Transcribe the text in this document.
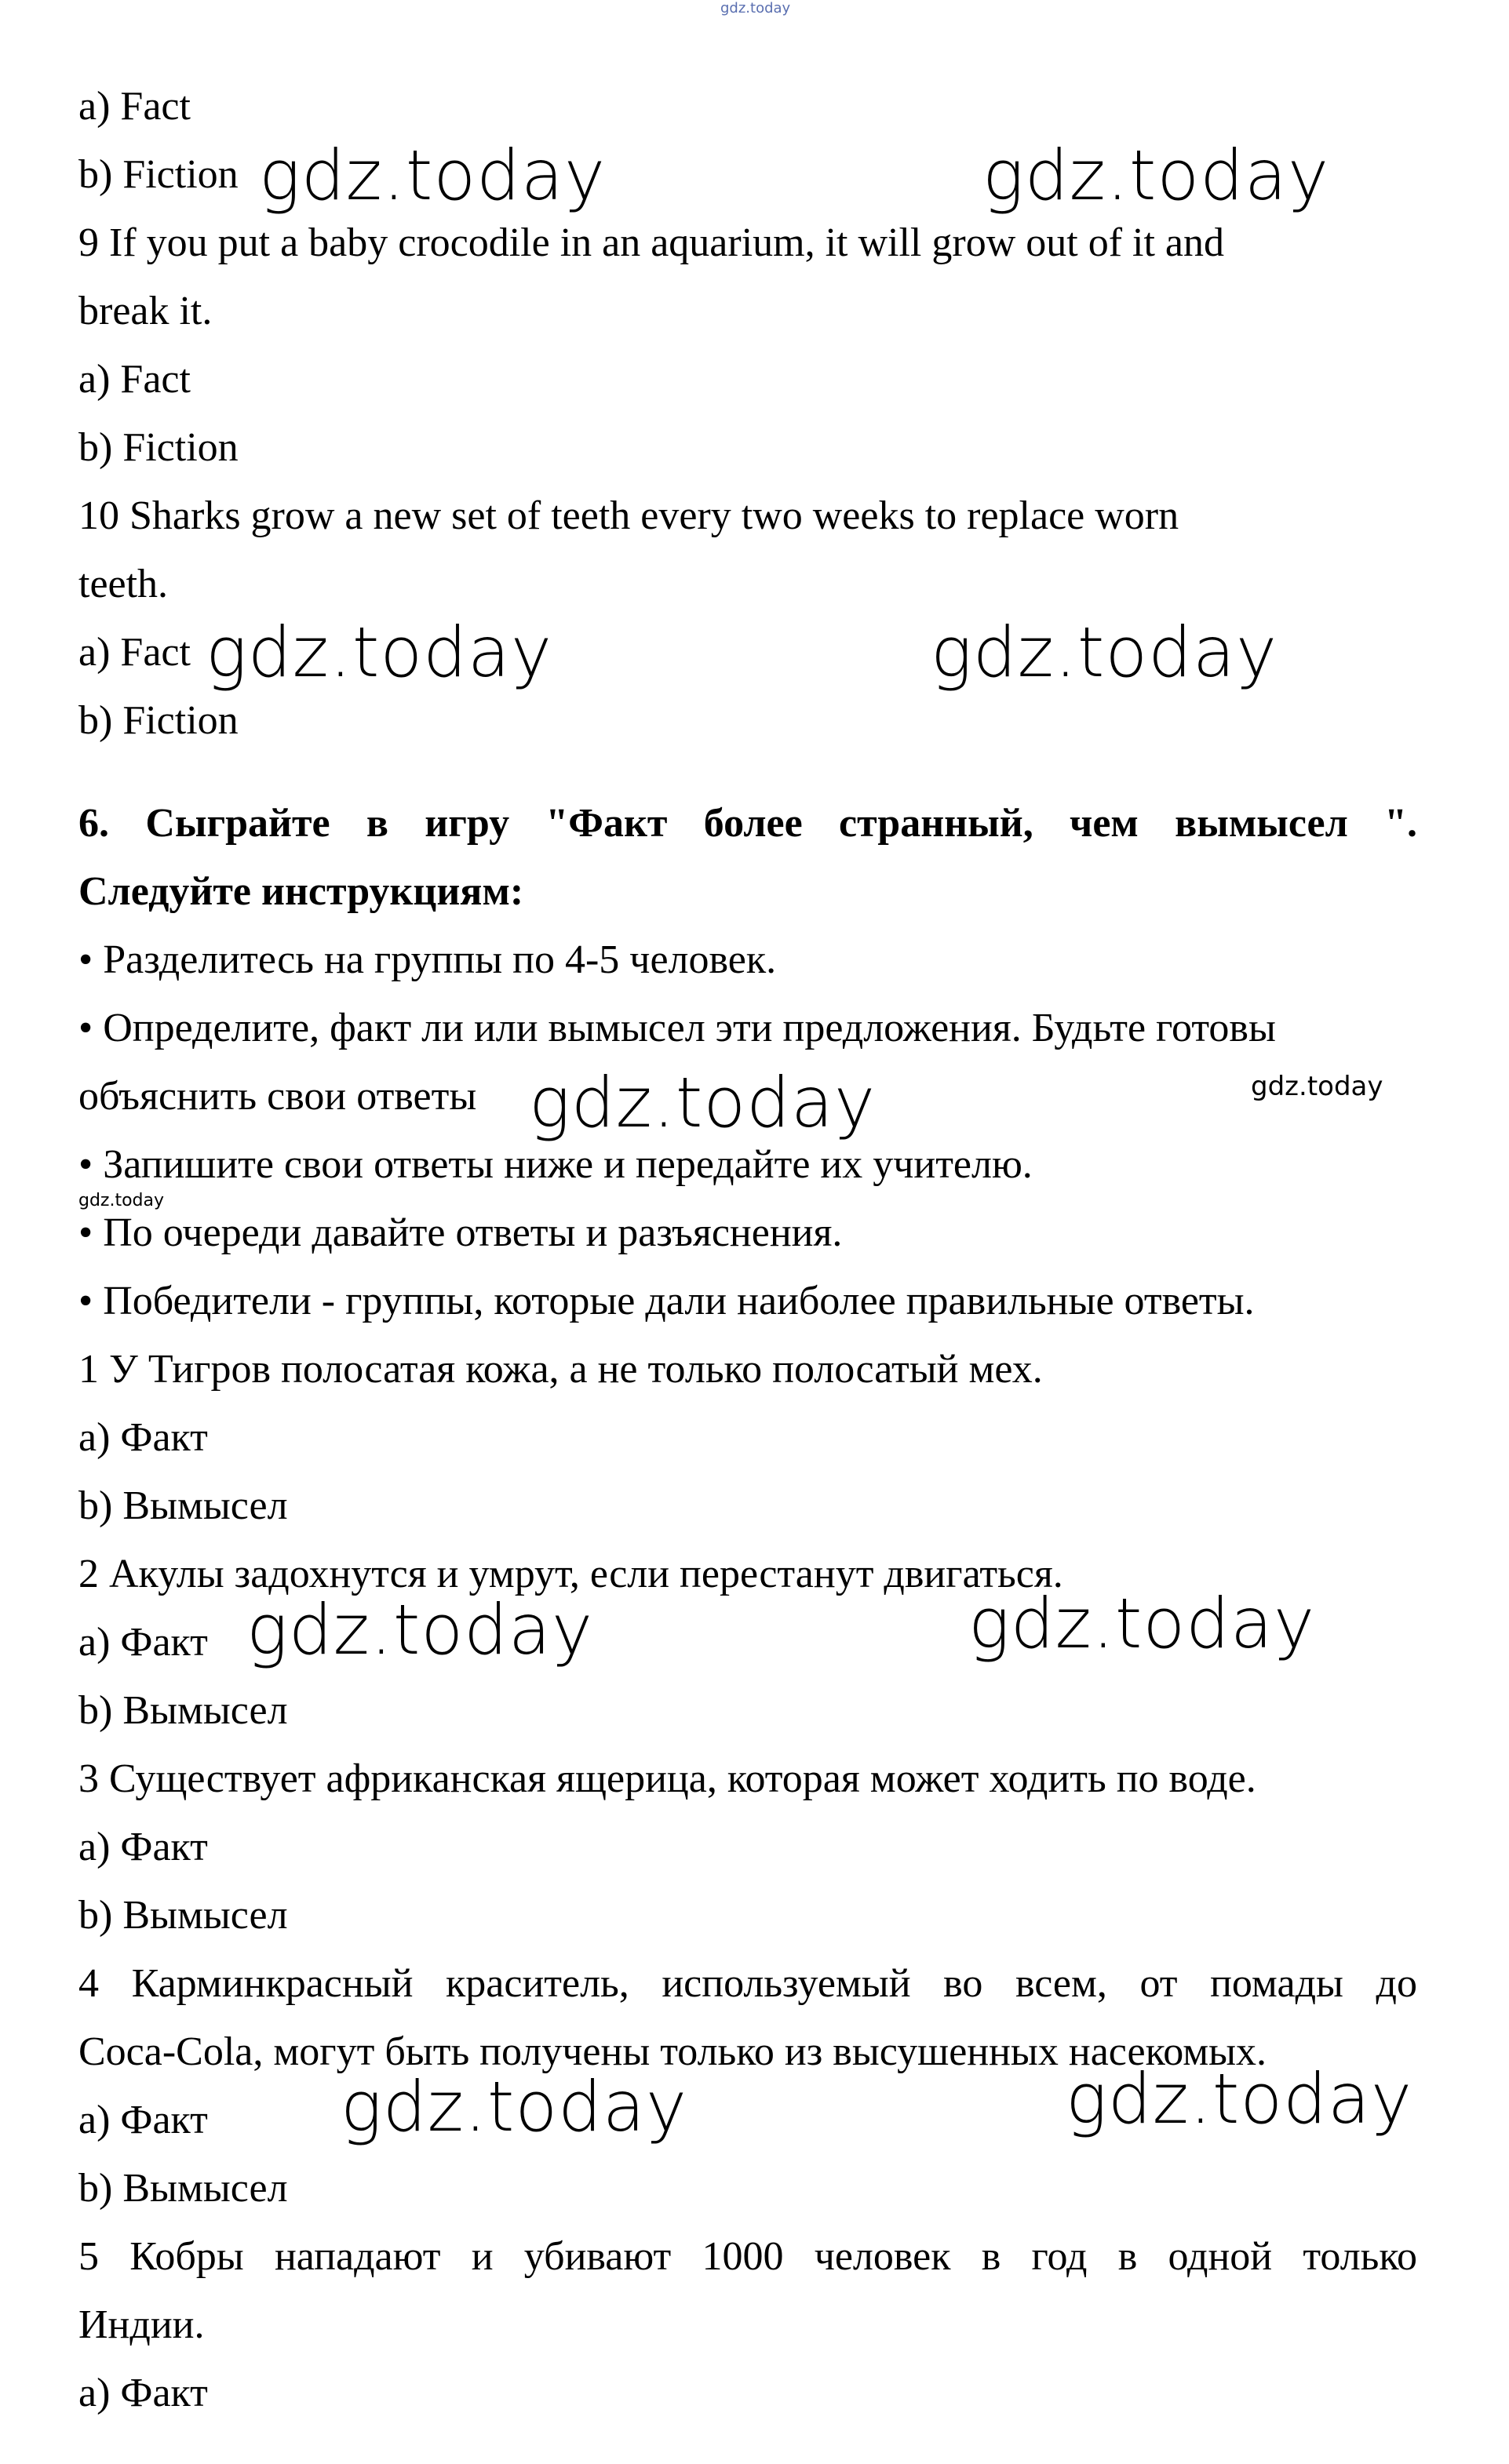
gdz.today
a) Fact
b) Fiction gdz.today	gdz.today
9 If you put a baby crocodile in an aquarium, it will grow out of it and
break it.
a) Fact
b) Fiction
10 Sharks grow a new set of teeth every two weeks to replace worn
teeth.
a) Fact gdz.today	gdz.today
b) Fiction
6. Сыграйте в игру "Факт более странный, чем вымысел ".
Следуйте инструкциям:
• Разделитесь на группы по 4-5 человек.
• Определите, факт ли или вымысел эти предложения. Будьте готовы
объяснить свои ответы gdz.today	gdz.today
• Запишите свои ответы ниже и передайте их учителю.
gdz.today
• По очереди давайте ответы и разъяснения.
• Победители - группы, которые дали наиболее правильные ответы.
1 У Тигров полосатая кожа, а не только полосатый мех.
а) Факт
b) Вымысел
2 Акулы задохнутся и умрут, если перестанут двигаться.
а) Факт gdz.today	gdz.today
b) Вымысел
3 Существует африканская ящерица, которая может ходить по воде.
а) Факт
b) Вымысел
4 Карминкрасный краситель, используемый во всем, от помады до
Coca-Cola, могут быть получены только из высушенных насекомых.
а) Факт gdz.today	gdz.today
b) Вымысел
5 Кобры нападают и убивают 1000 человек в год в одной только
Индии.
а) Факт
